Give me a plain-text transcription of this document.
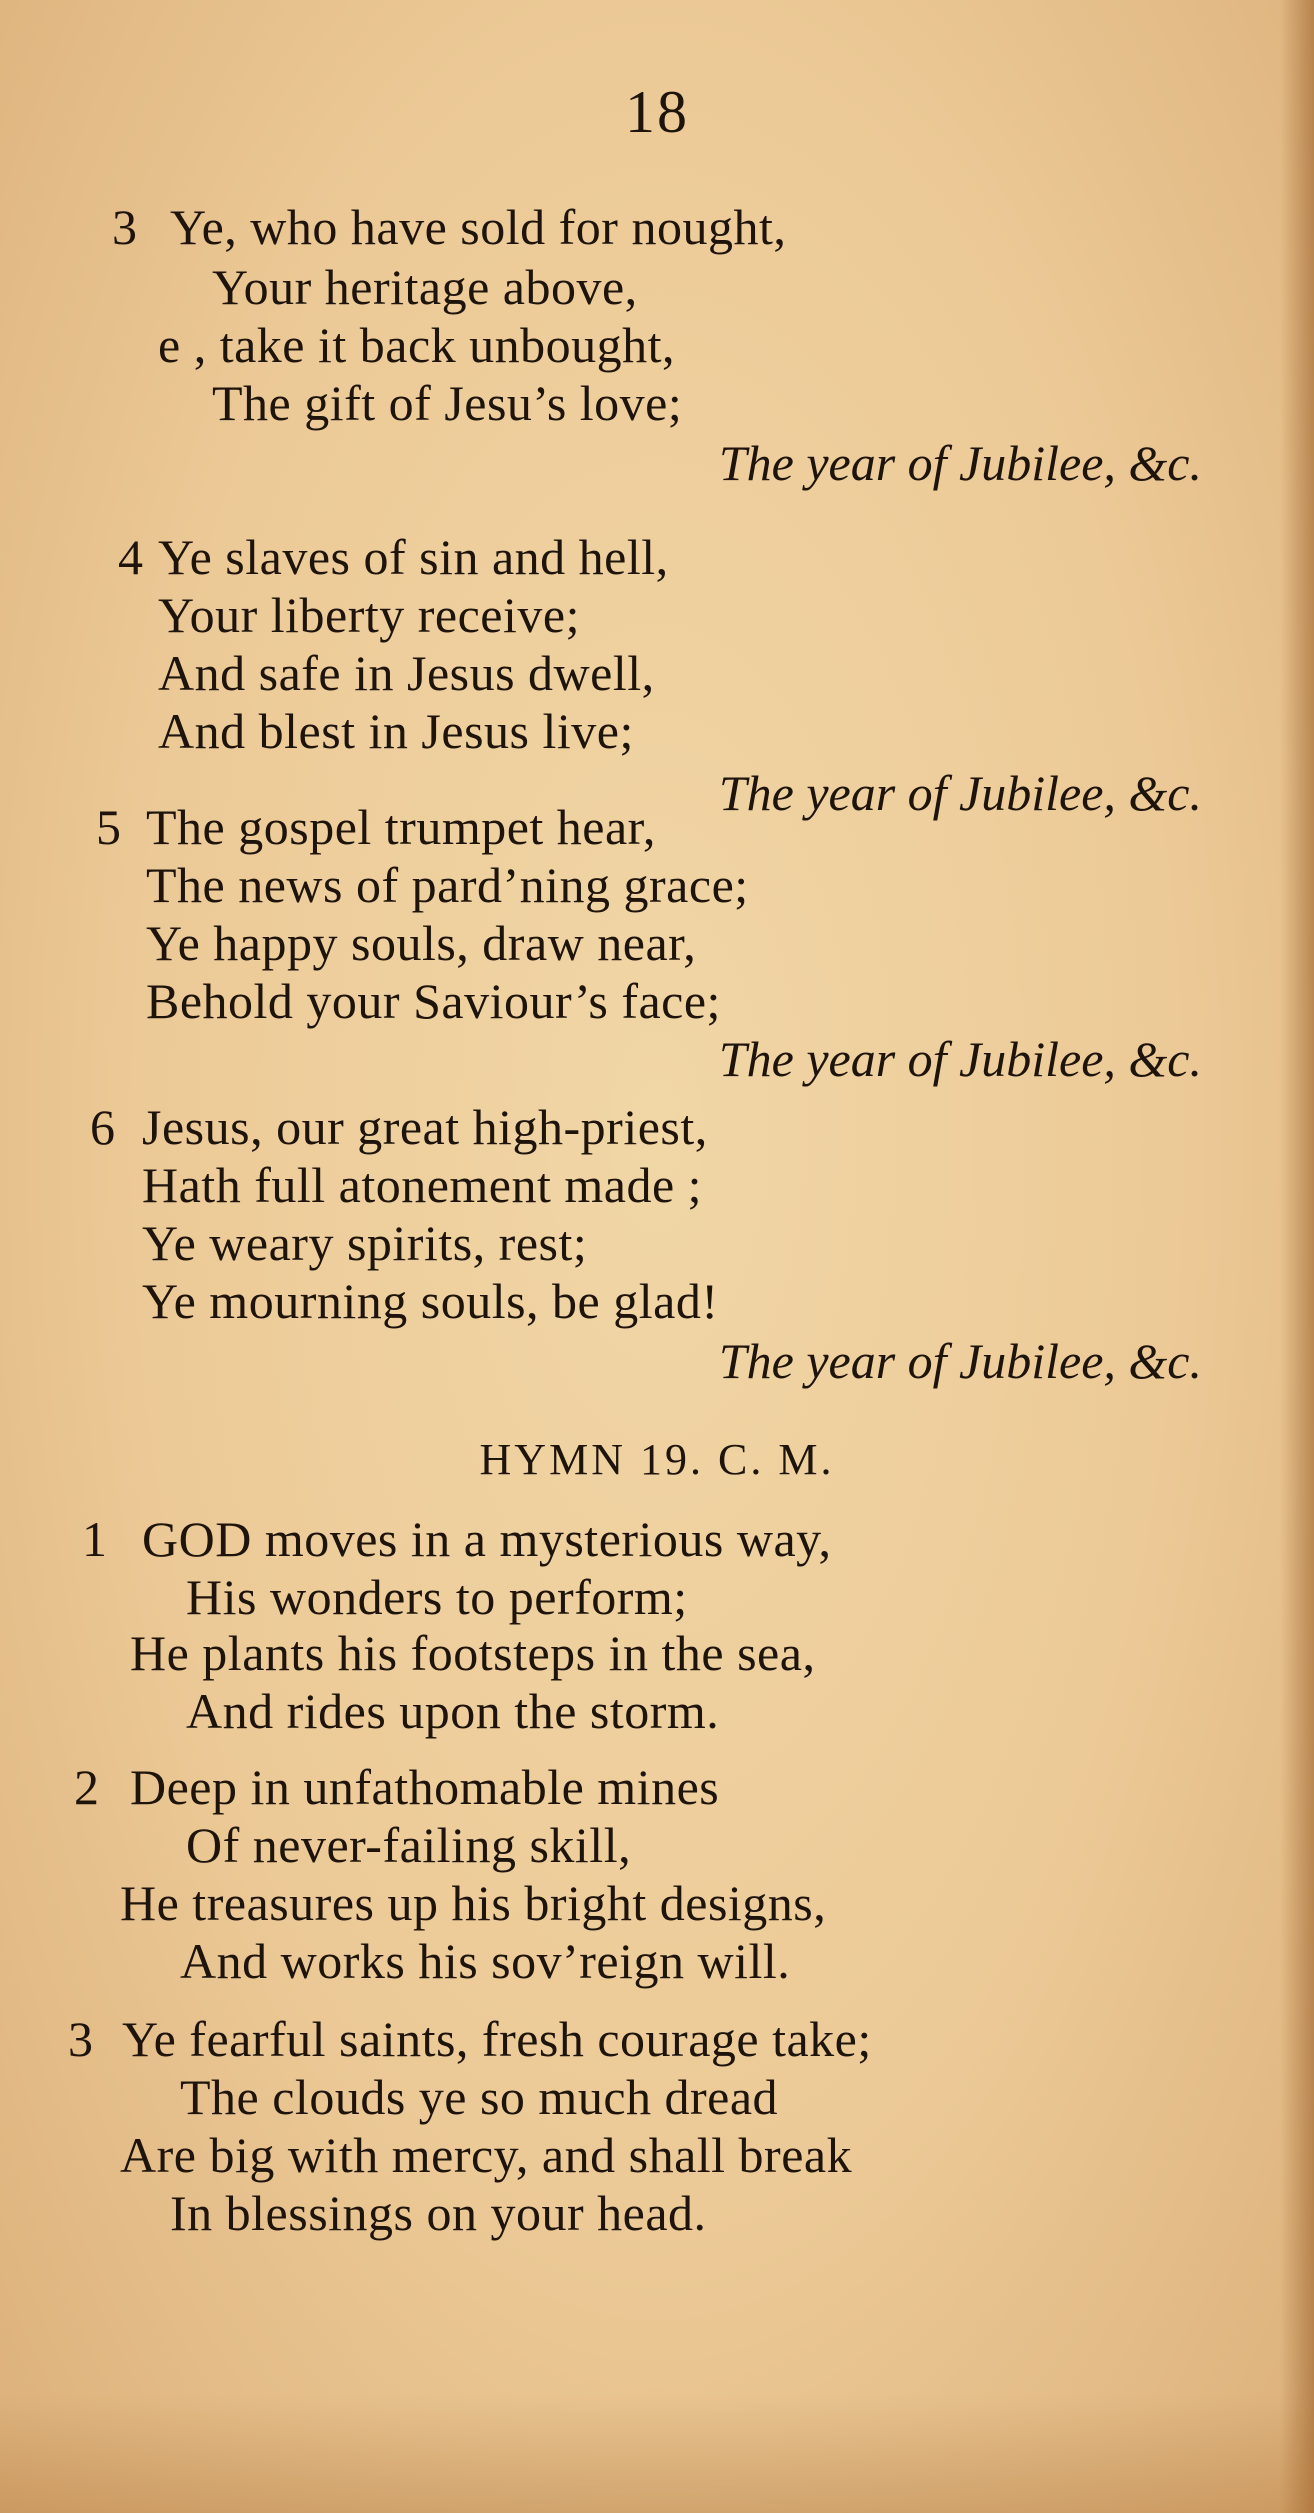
18
3 Ye, who have sold for nought,
Your heritage above,
e , take it back unbought,
The gift of Jesu’s love;
The year of Jubilee, &c.
4 Ye slaves of sin and hell,
Your liberty receive;
And safe in Jesus dwell,
And blest in Jesus live;
The year of Jubilee, &c.
5 The gospel trumpet hear,
The news of pard’ning grace;
Ye happy souls, draw near,
Behold your Saviour’s face;
The year of Jubilee, &c.
6 Jesus, our great high-priest,
Hath full atonement made ;
Ye weary spirits, rest;
Ye mourning souls, be glad!
The year of Jubilee, &c.
HYMN 19. C. M.
1 GOD moves in a mysterious way,
His wonders to perform;
He plants his footsteps in the sea,
And rides upon the storm.
2 Deep in unfathomable mines
Of never-failing skill,
He treasures up his bright designs,
And works his sov’reign will.
3 Ye fearful saints, fresh courage take;
The clouds ye so much dread
Are big with mercy, and shall break
In blessings on your head.
